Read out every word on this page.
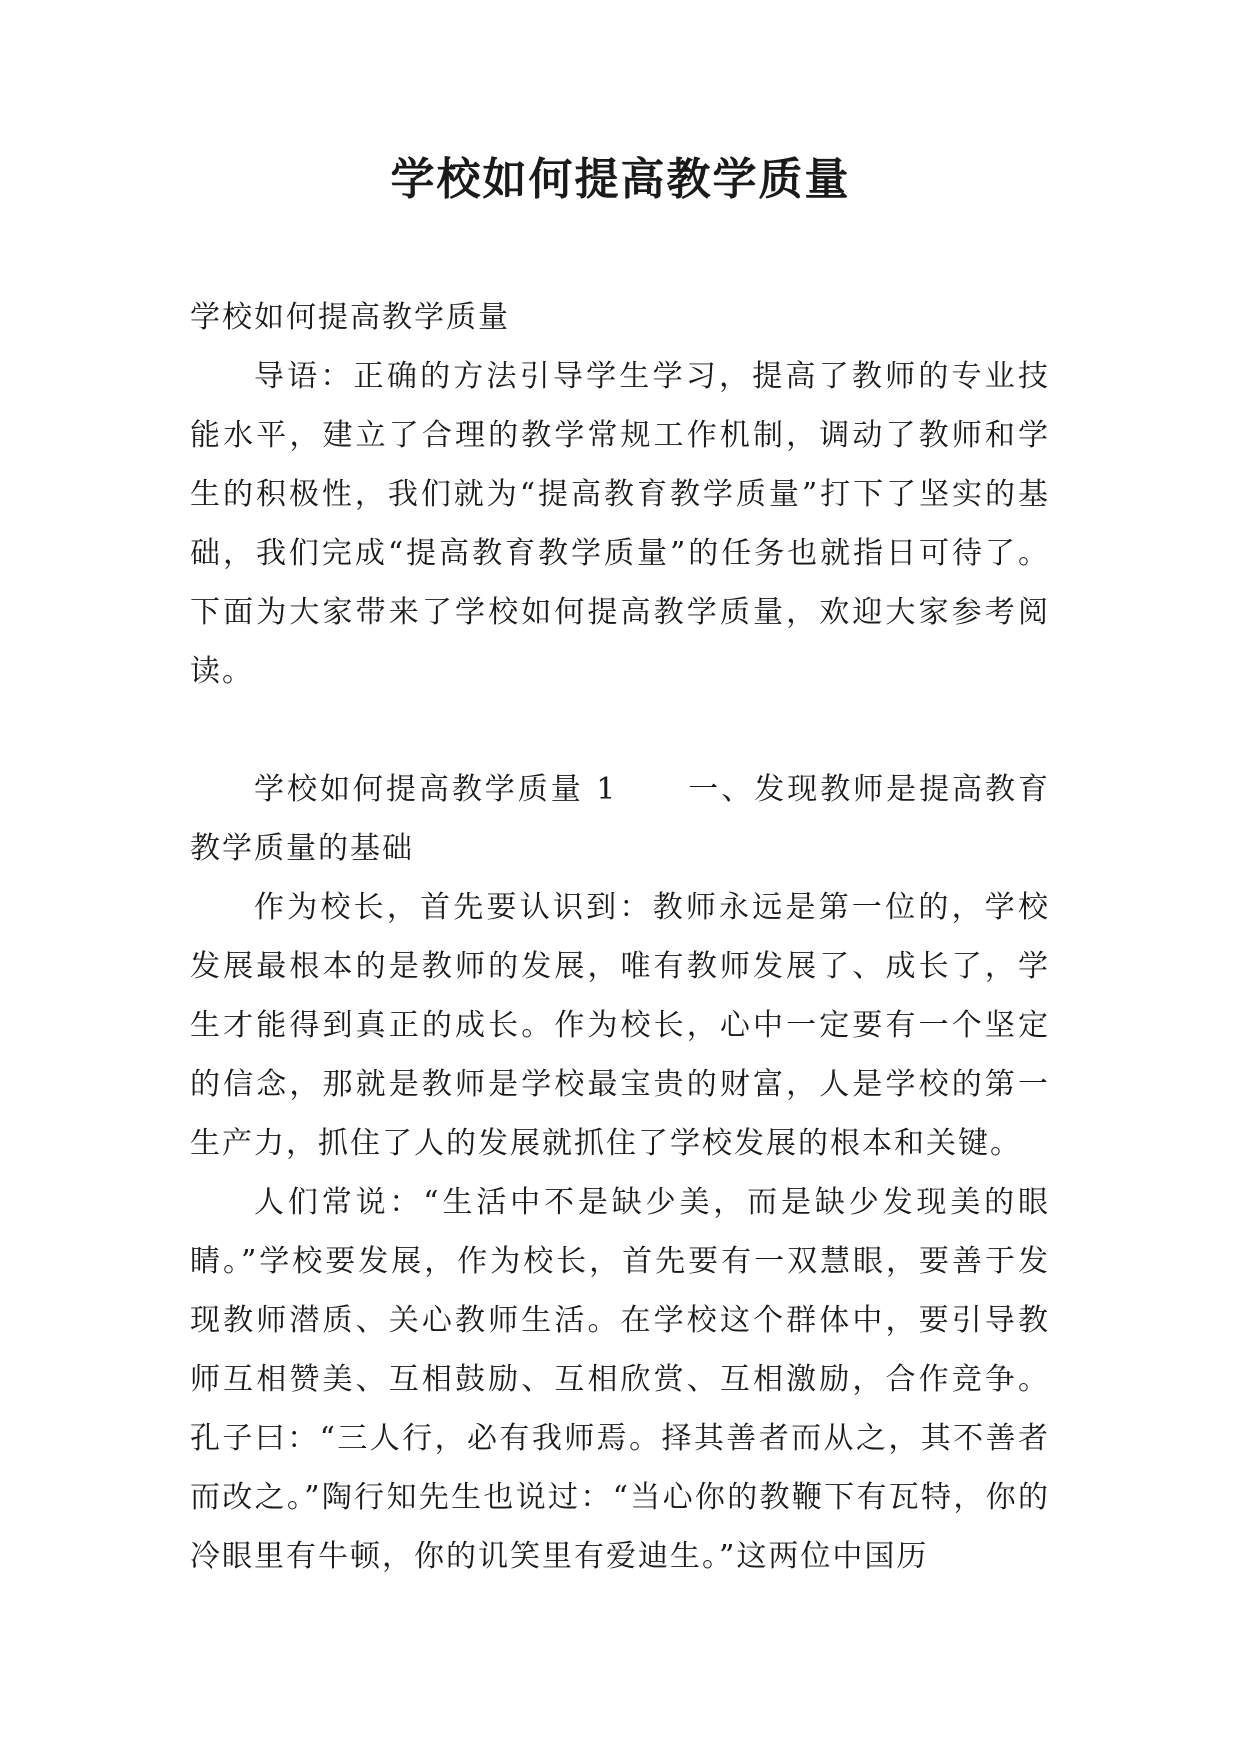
学校如何提高教学质量

学校如何提高教学质量

导语：正确的方法引导学生学习，提高了教师的专业技能水平，建立了合理的教学常规工作机制，调动了教师和学生的积极性，我们就为“提高教育教学质量”打下了坚实的基础，我们完成“提高教育教学质量”的任务也就指日可待了。下面为大家带来了学校如何提高教学质量，欢迎大家参考阅读。

学校如何提高教学质量 1 一、发现教师是提高教育教学质量的基础

作为校长，首先要认识到：教师永远是第一位的，学校发展最根本的是教师的发展，唯有教师发展了、成长了，学生才能得到真正的成长。作为校长，心中一定要有一个坚定的信念，那就是教师是学校最宝贵的财富，人是学校的第一生产力，抓住了人的发展就抓住了学校发展的根本和关键。

人们常说：“生活中不是缺少美，而是缺少发现美的眼睛。”学校要发展，作为校长，首先要有一双慧眼，要善于发现教师潜质、关心教师生活。在学校这个群体中，要引导教师互相赞美、互相鼓励、互相欣赏、互相激励，合作竞争。孔子曰：“三人行，必有我师焉。择其善者而从之，其不善者而改之。”陶行知先生也说过：“当心你的教鞭下有瓦特，你的冷眼里有牛顿，你的讥笑里有爱迪生。”这两位中国历
